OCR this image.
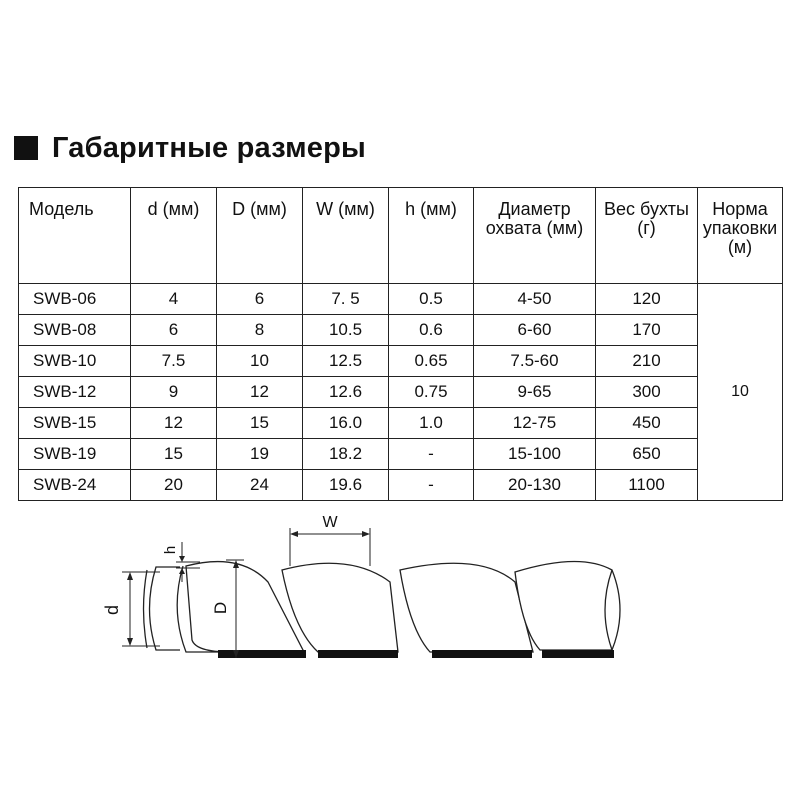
Габаритные размеры
Модель	d (мм)	D (мм)	W (мм)	h (мм)	Диаметр охвата (мм)	Вес бухты (г)	Норма упаковки (м)
SWB-06	4	6	7. 5	0.5	4-50	120	10
SWB-08	6	8	10.5	0.6	6-60	170	
SWB-10	7.5	10	12.5	0.65	7.5-60	210	
SWB-12	9	12	12.6	0.75	9-65	300	
SWB-15	12	15	16.0	1.0	12-75	450	
SWB-19	15	19	18.2	-	15-100	650	
SWB-24	20	24	19.6	-	20-130	1100	
d	D
h
W
